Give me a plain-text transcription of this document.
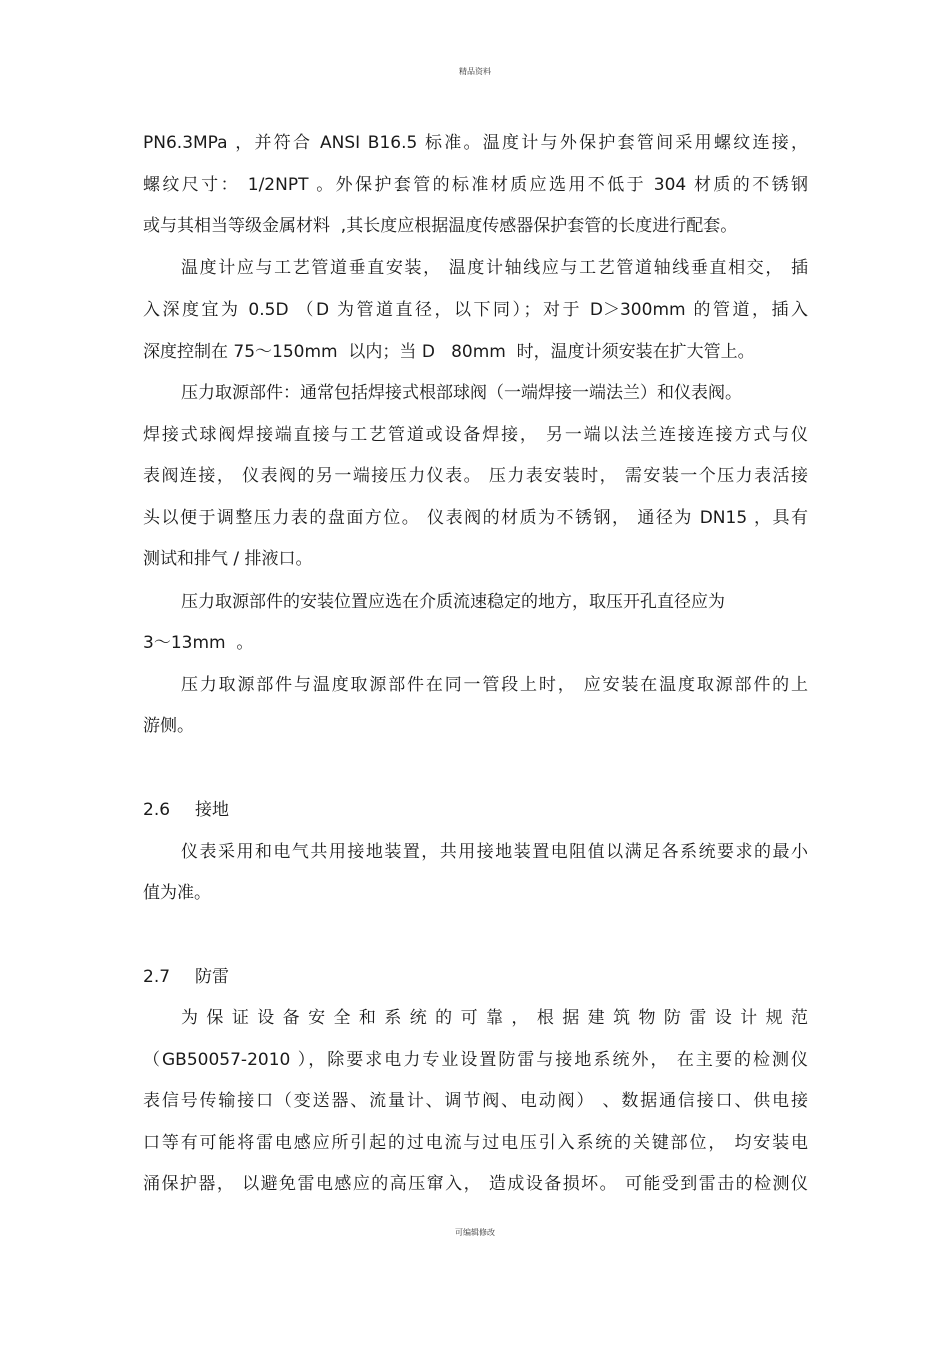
精品资料
PN6.3MPa ，并符合 ANSI B16.5 标准。温度计与外保护套管间采用螺纹连接，
螺纹尺寸： 1/2NPT 。外保护套管的标准材质应选用不低于 304 材质的不锈钢
或与其相当等级金属材料  ,其长度应根据温度传感器保护套管的长度进行配套。
温度计应与工艺管道垂直安装， 温度计轴线应与工艺管道轴线垂直相交， 插
入深度宜为 0.5D （D 为管道直径，以下同）；对于 D＞300mm 的管道，插入
深度控制在 75～150mm  以内；当 D   80mm  时，温度计须安装在扩大管上。
压力取源部件：通常包括焊接式根部球阀（一端焊接一端法兰）和仪表阀。
焊接式球阀焊接端直接与工艺管道或设备焊接， 另一端以法兰连接连接方式与仪
表阀连接， 仪表阀的另一端接压力仪表。 压力表安装时， 需安装一个压力表活接
头以便于调整压力表的盘面方位。 仪表阀的材质为不锈钢， 通径为 DN15 ，具有
测试和排气 / 排液口。
压力取源部件的安装位置应选在介质流速稳定的地方，取压开孔直径应为
3～13mm  。
压力取源部件与温度取源部件在同一管段上时， 应安装在温度取源部件的上
游侧。
2.6 接地
仪表采用和电气共用接地装置，共用接地装置电阻值以满足各系统要求的最小
值为准。
2.7 防雷
为 保 证 设 备 安 全 和 系 统 的 可 靠 ， 根 据 建 筑 物 防 雷 设 计 规 范
（GB50057-2010 ），除要求电力专业设置防雷与接地系统外， 在主要的检测仪
表信号传输接口（变送器、流量计、调节阀、电动阀） 、数据通信接口、供电接
口等有可能将雷电感应所引起的过电流与过电压引入系统的关键部位， 均安装电
涌保护器， 以避免雷电感应的高压窜入， 造成设备损坏。 可能受到雷击的检测仪
可编辑修改
